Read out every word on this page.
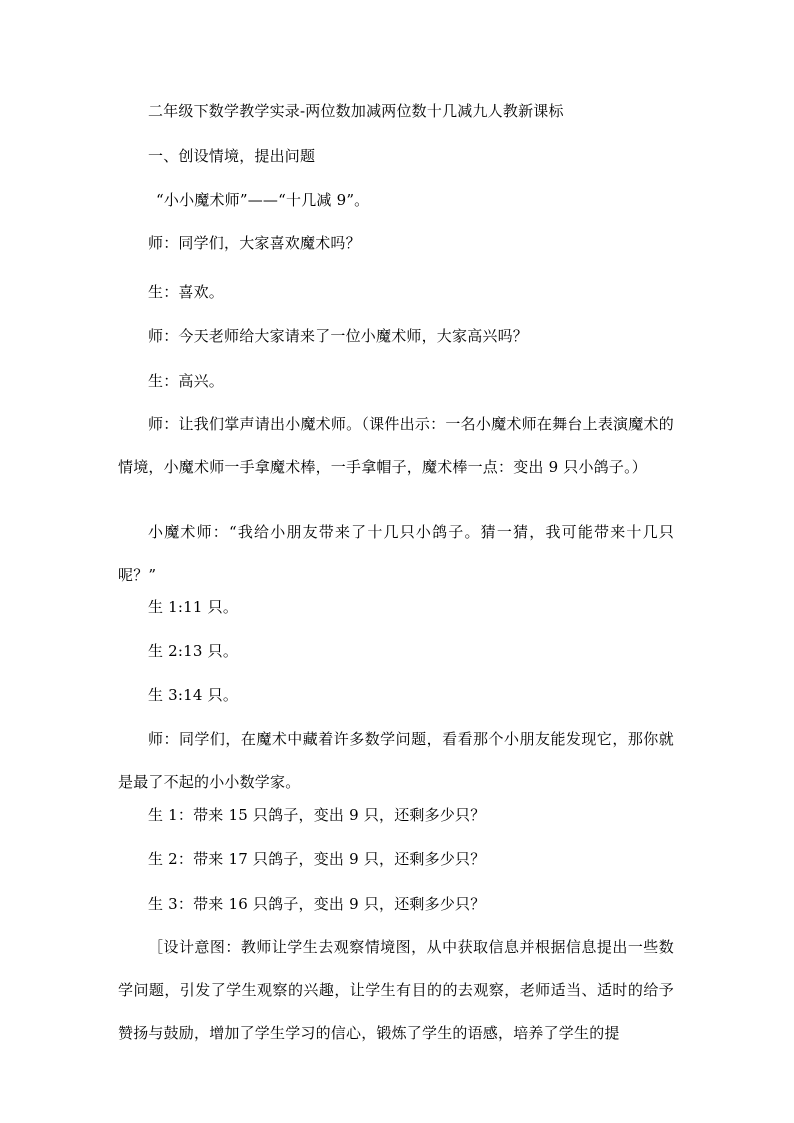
二年级下数学教学实录-两位数加减两位数十几减九人教新课标
一、创设情境，提出问题
“小小魔术师”——“十几减 9”。
师：同学们，大家喜欢魔术吗？
生：喜欢。
师：今天老师给大家请来了一位小魔术师，大家高兴吗？
生：高兴。
师：让我们掌声请出小魔术师。（课件出示：一名小魔术师在舞台上表演魔术的情境，小魔术师一手拿魔术棒，一手拿帽子，魔术棒一点：变出 9 只小鸽子。）
小魔术师：“我给小朋友带来了十几只小鸽子。猜一猜，我可能带来十几只呢？”
生 1:11 只。
生 2:13 只。
生 3:14 只。
师：同学们，在魔术中藏着许多数学问题，看看那个小朋友能发现它，那你就是最了不起的小小数学家。
生 1：带来 15 只鸽子，变出 9 只，还剩多少只？
生 2：带来 17 只鸽子，变出 9 只，还剩多少只？
生 3：带来 16 只鸽子，变出 9 只，还剩多少只？
［设计意图：教师让学生去观察情境图，从中获取信息并根据信息提出一些数学问题，引发了学生观察的兴趣，让学生有目的的去观察，老师适当、适时的给予赞扬与鼓励，增加了学生学习的信心，锻炼了学生的语感，培养了学生的提
